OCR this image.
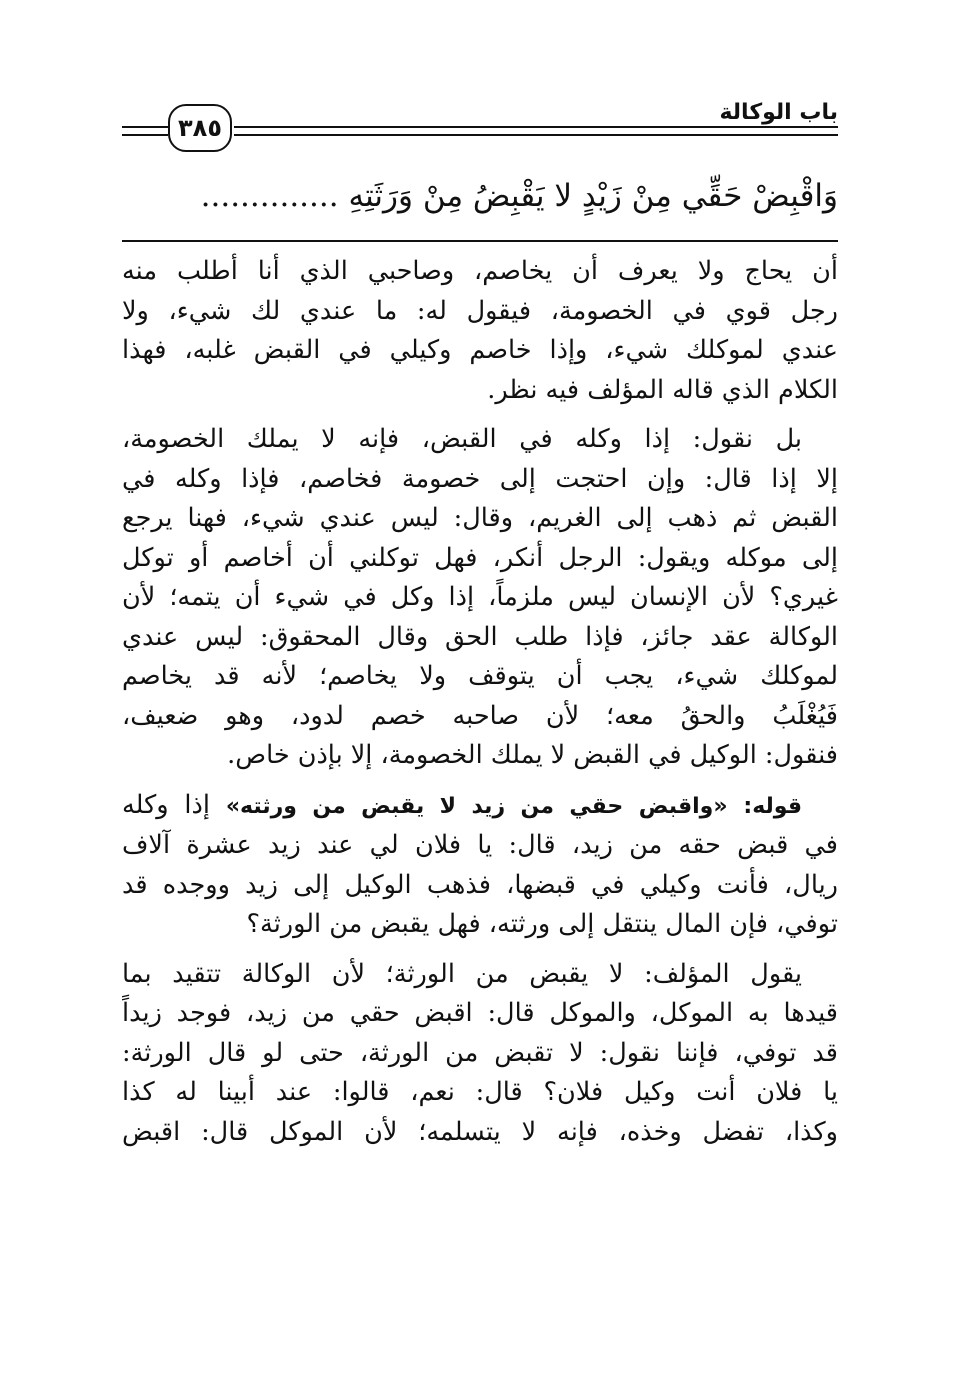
٣٨٥
باب الوكالة
وَاقْبِضْ حَقِّي مِنْ زَيْدٍ لا يَقْبِضُ مِنْ وَرَثَتِهِ ..............

أن يحاج ولا يعرف أن يخاصم، وصاحبي الذي أنا أطلب منه
رجل قوي في الخصومة، فيقول له: ما عندي لك شيء، ولا
عندي لموكلك شيء، وإذا خاصم وكيلي في القبض غلبه، فهذا
الكلام الذي قاله المؤلف فيه نظر.

بل نقول: إذا وكله في القبض، فإنه لا يملك الخصومة،
إلا إذا قال: وإن احتجت إلى خصومة فخاصم، فإذا وكله في
القبض ثم ذهب إلى الغريم، وقال: ليس عندي شيء، فهنا يرجع
إلى موكله ويقول: الرجل أنكر، فهل توكلني أن أخاصم أو توكل
غيري؟ لأن الإنسان ليس ملزماً، إذا وكل في شيء أن يتمه؛ لأن
الوكالة عقد جائز، فإذا طلب الحق وقال المحقوق: ليس عندي
لموكلك شيء، يجب أن يتوقف ولا يخاصم؛ لأنه قد يخاصم
فَيُغْلَبُ والحقُ معه؛ لأن صاحبه خصم لدود، وهو ضعيف،
فنقول: الوكيل في القبض لا يملك الخصومة، إلا بإذن خاص.

قوله: «واقبض حقي من زيد لا يقبض من ورثته» إذا وكله
في قبض حقه من زيد، قال: يا فلان لي عند زيد عشرة آلاف
ريال، فأنت وكيلي في قبضها، فذهب الوكيل إلى زيد ووجده قد
توفي، فإن المال ينتقل إلى ورثته، فهل يقبض من الورثة؟

يقول المؤلف: لا يقبض من الورثة؛ لأن الوكالة تتقيد بما
قيدها به الموكل، والموكل قال: اقبض حقي من زيد، فوجد زيداً
قد توفي، فإننا نقول: لا تقبض من الورثة، حتى لو قال الورثة:
يا فلان أنت وكيل فلان؟ قال: نعم، قالوا: عند أبينا له كذا
وكذا، تفضل وخذه، فإنه لا يتسلمه؛ لأن الموكل قال: اقبض
